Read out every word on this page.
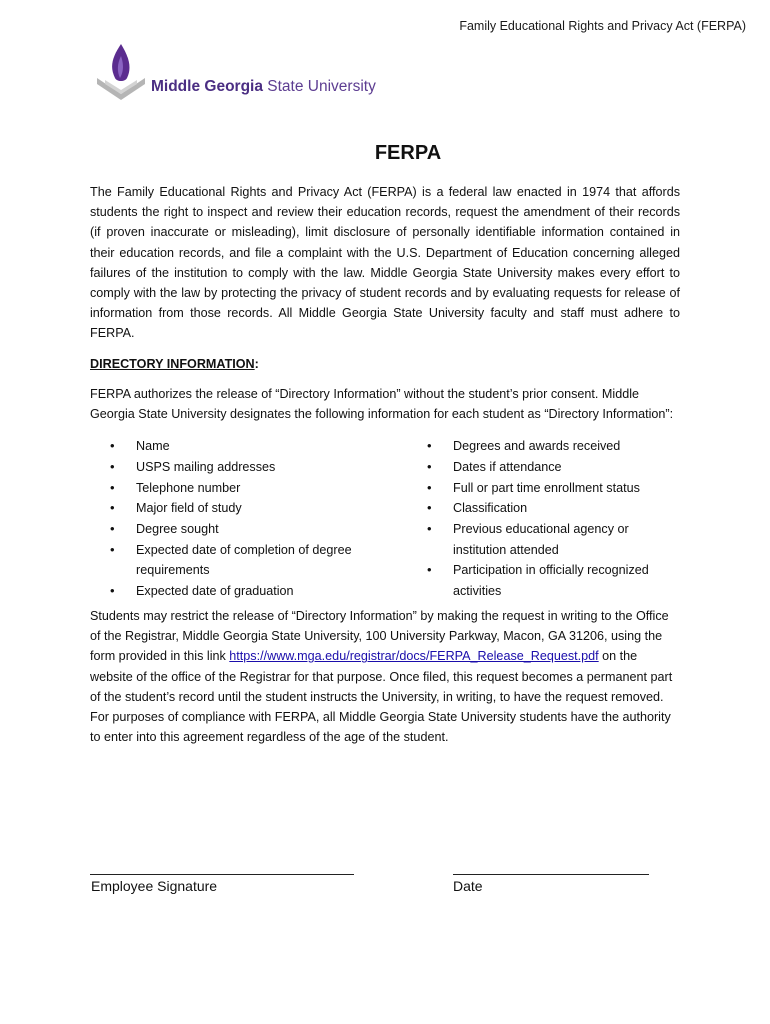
Family Educational Rights and Privacy Act (FERPA)
Middle Georgia State University
FERPA

The Family Educational Rights and Privacy Act (FERPA) is a federal law enacted in 1974 that affords students the right to inspect and review their education records, request the amendment of their records (if proven inaccurate or misleading), limit disclosure of personally identifiable information contained in their education records, and file a complaint with the U.S. Department of Education concerning alleged failures of the institution to comply with the law. Middle Georgia State University makes every effort to comply with the law by protecting the privacy of student records and by evaluating requests for release of information from those records. All Middle Georgia State University faculty and staff must adhere to FERPA.

DIRECTORY INFORMATION:

FERPA authorizes the release of “Directory Information” without the student’s prior consent. Middle Georgia State University designates the following information for each student as “Directory Information”:

• Name
• USPS mailing addresses
• Telephone number
• Major field of study
• Degree sought
• Expected date of completion of degree requirements
• Expected date of graduation
• Degrees and awards received
• Dates if attendance
• Full or part time enrollment status
• Classification
• Previous educational agency or institution attended
• Participation in officially recognized activities

Students may restrict the release of “Directory Information” by making the request in writing to the Office of the Registrar, Middle Georgia State University, 100 University Parkway, Macon, GA 31206, using the form provided in this link https://www.mga.edu/registrar/docs/FERPA_Release_Request.pdf on the website of the office of the Registrar for that purpose. Once filed, this request becomes a permanent part of the student’s record until the student instructs the University, in writing, to have the request removed. For purposes of compliance with FERPA, all Middle Georgia State University students have the authority to enter into this agreement regardless of the age of the student.

Employee Signature	Date
